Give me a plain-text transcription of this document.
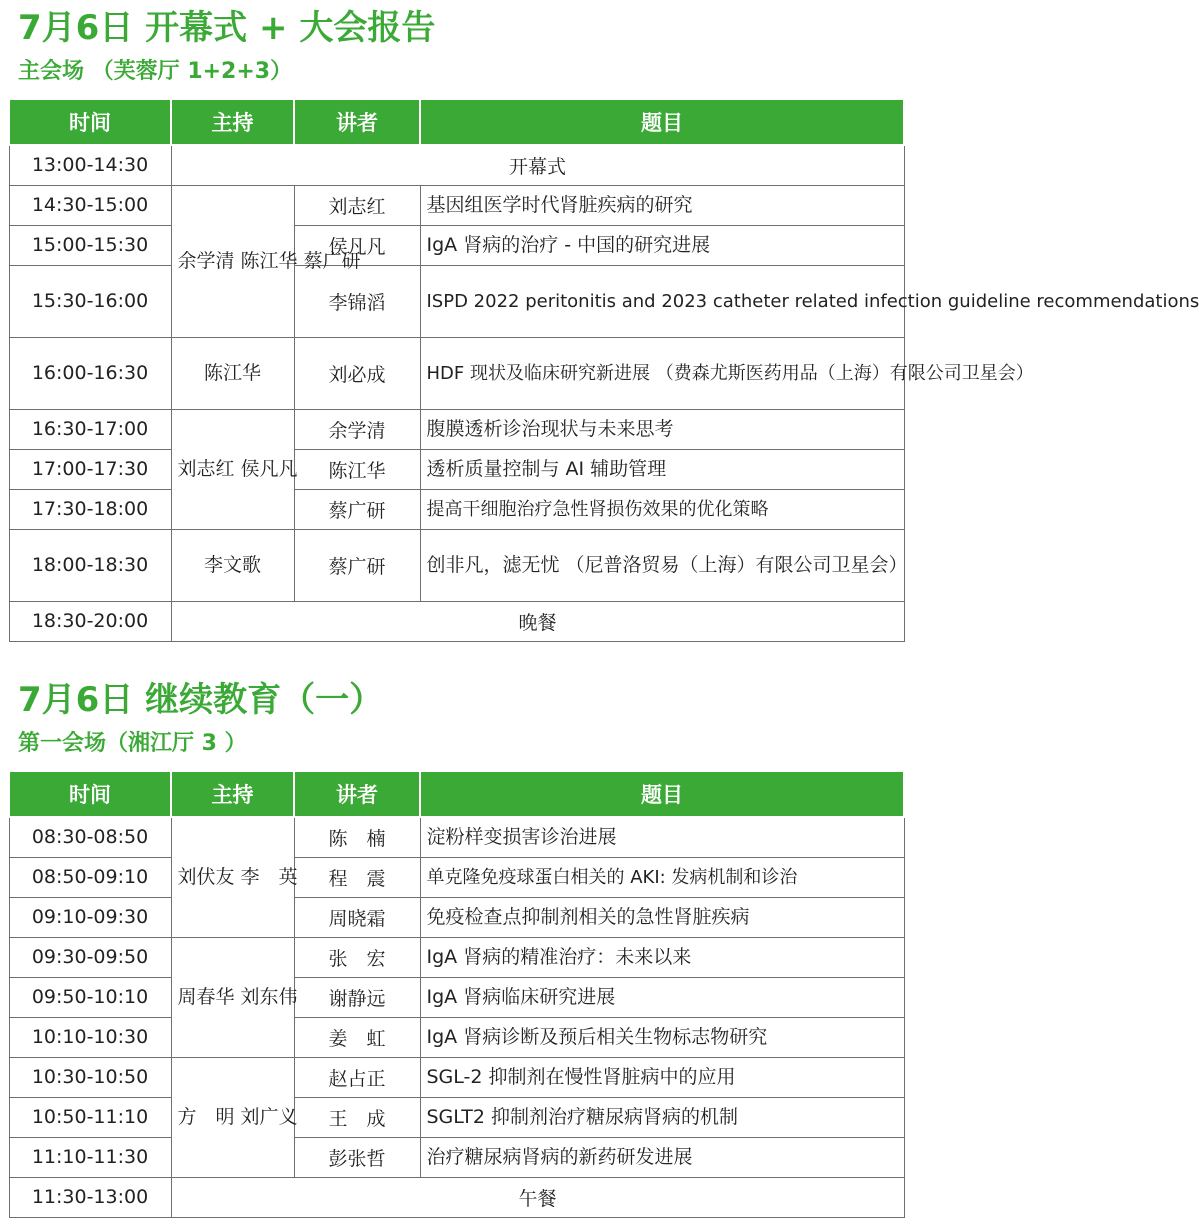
7月6日 开幕式 + 大会报告
主会场 （芙蓉厅 1+2+3）
时间	主持	讲者	题目
13:00-14:30	开幕式		
14:30-15:00	余学清 陈江华 蔡广研	刘志红	基因组医学时代肾脏疾病的研究
15:00-15:30		侯凡凡	IgA 肾病的治疗 - 中国的研究进展
15:30-16:00		李锦滔	ISPD 2022 peritonitis and 2023 catheter related infection guideline recommendations
16:00-16:30	陈江华	刘必成	HDF 现状及临床研究新进展 （费森尤斯医药用品（上海）有限公司卫星会）
16:30-17:00	刘志红 侯凡凡	余学清	腹膜透析诊治现状与未来思考
17:00-17:30		陈江华	透析质量控制与 AI 辅助管理
17:30-18:00		蔡广研	提高干细胞治疗急性肾损伤效果的优化策略
18:00-18:30	李文歌	蔡广研	创非凡，滤无忧 （尼普洛贸易（上海）有限公司卫星会）
18:30-20:00	晚餐		
7月6日 继续教育（一）
第一会场（湘江厅 3 ）
时间	主持	讲者	题目
08:30-08:50	刘伏友 李　英	陈　楠	淀粉样变损害诊治进展
08:50-09:10		程　震	单克隆免疫球蛋白相关的 AKI: 发病机制和诊治
09:10-09:30		周晓霜	免疫检查点抑制剂相关的急性肾脏疾病
09:30-09:50	周春华 刘东伟	张　宏	IgA 肾病的精准治疗：未来以来
09:50-10:10		谢静远	IgA 肾病临床研究进展
10:10-10:30		姜　虹	IgA 肾病诊断及预后相关生物标志物研究
10:30-10:50	方　明 刘广义	赵占正	SGL-2 抑制剂在慢性肾脏病中的应用
10:50-11:10		王　成	SGLT2 抑制剂治疗糖尿病肾病的机制
11:10-11:30		彭张哲	治疗糖尿病肾病的新药研发进展
11:30-13:00	午餐		
